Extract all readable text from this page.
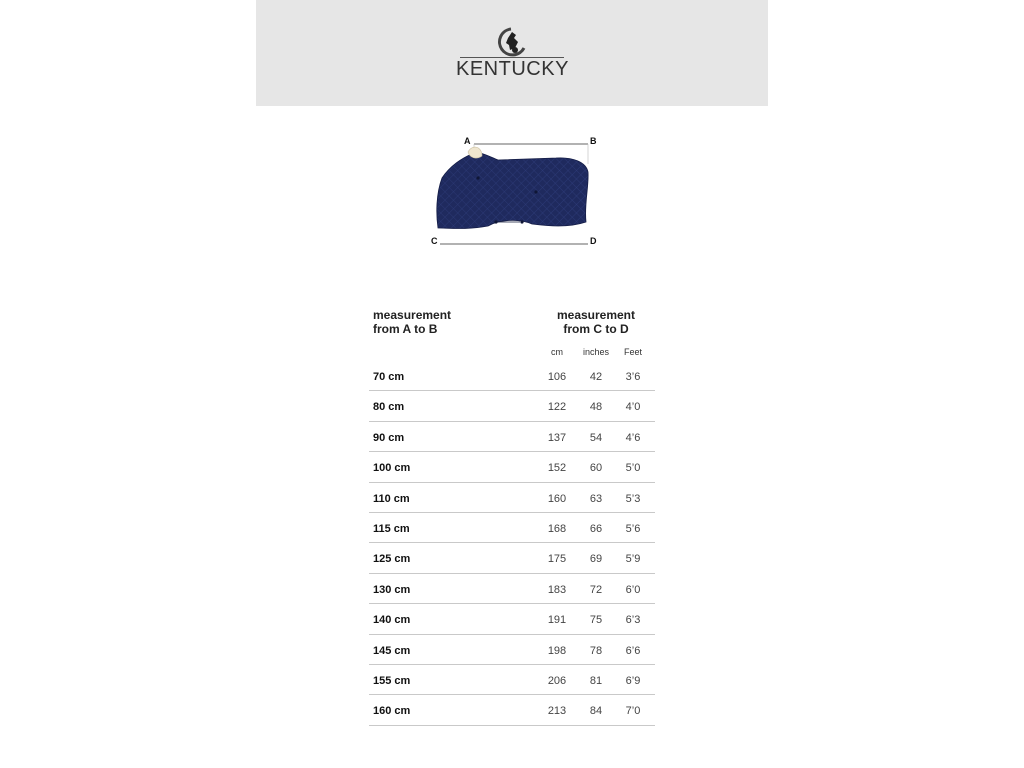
KENTUCKY
A	B
C	D
measurement
from A to B
measurement
from C to D
cm	inches	Feet
70 cm	106	42	3’6
80 cm	122	48	4’0
90 cm	137	54	4’6
100 cm	152	60	5’0
110 cm	160	63	5’3
115 cm	168	66	5’6
125 cm	175	69	5’9
130 cm	183	72	6’0
140 cm	191	75	6’3
145 cm	198	78	6’6
155 cm	206	81	6’9
160 cm	213	84	7’0
